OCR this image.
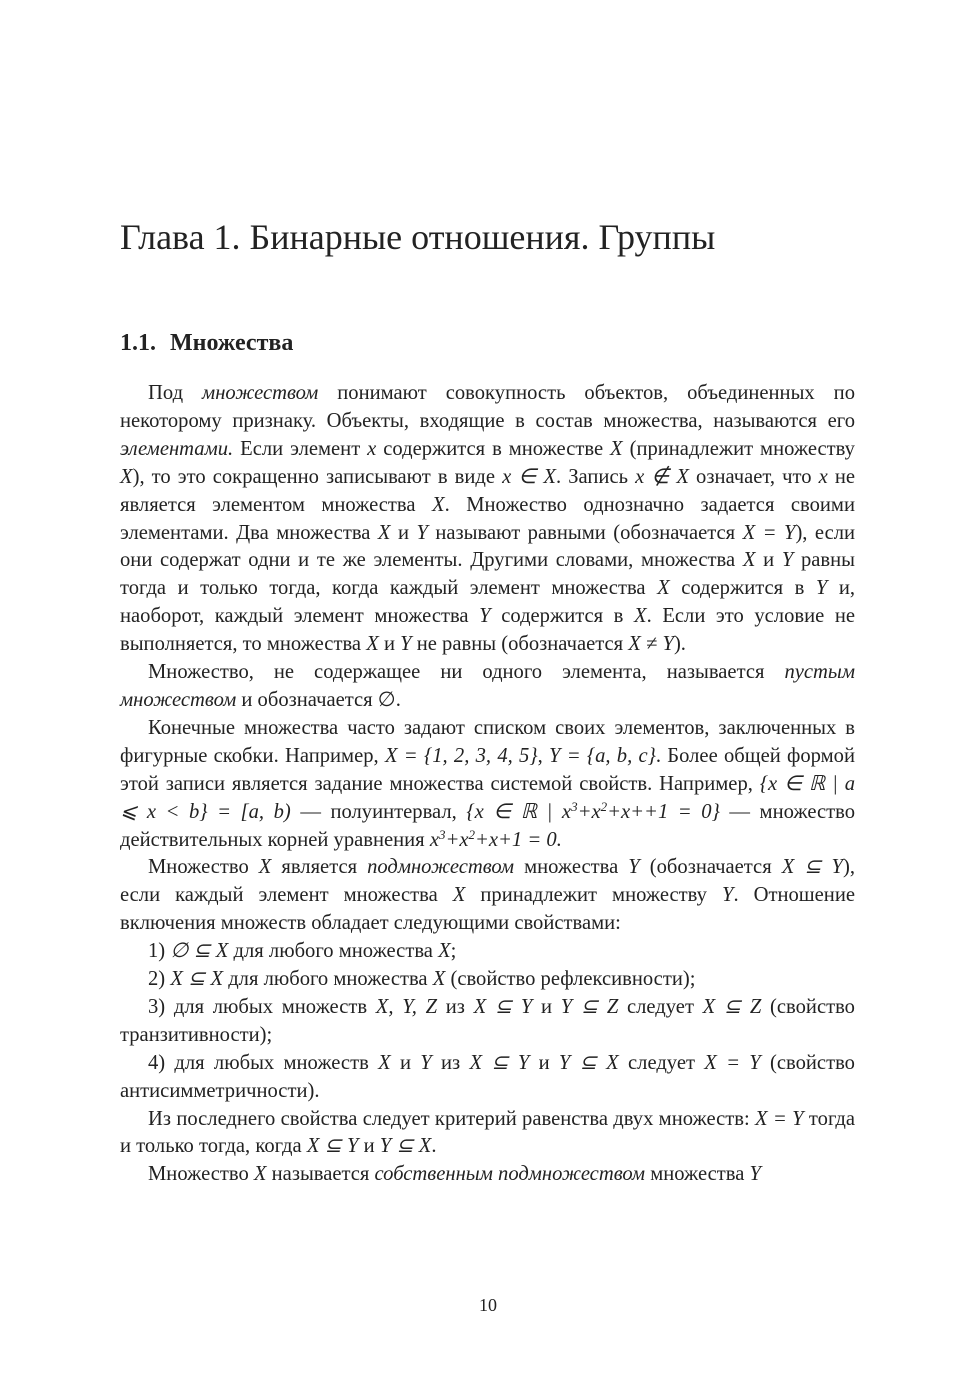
Глава 1. Бинарные отношения. Группы
1.1. Множества

Под множеством понимают совокупность объектов, объединенных по некоторому признаку. Объекты, входящие в состав множества, называются его элементами. Если элемент x содержится в множестве X (принадлежит множеству X), то это сокращенно записывают в виде x ∈ X. Запись x ∉ X означает, что x не является элементом множества X. Множество однозначно задается своими элементами. Два множества X и Y называют равными (обозначается X = Y), если они содержат одни и те же элементы. Другими словами, множества X и Y равны тогда и только тогда, когда каждый элемент множества X содержится в Y и, наоборот, каждый элемент множества Y содержится в X. Если это условие не выполняется, то множества X и Y не равны (обозначается X ≠ Y).

Множество, не содержащее ни одного элемента, называется пустым множеством и обозначается ∅.

Конечные множества часто задают списком своих элементов, заключенных в фигурные скобки. Например, X = {1, 2, 3, 4, 5}, Y = {a, b, c}. Более общей формой этой записи является задание множества системой свойств. Например, {x ∈ ℝ | a ⩽ x < b} = [a, b) — полуинтервал, {x ∈ ℝ | $x^3+x^2+x++1 = 0$} — множество действительных корней уравнения $x^3+x^2+x+1 = 0$.

Множество X является подмножеством множества Y (обозначается X ⊆ Y), если каждый элемент множества X принадлежит множеству Y. Отношение включения множеств обладает следующими свойствами:

1) ∅ ⊆ X для любого множества X;

2) X ⊆ X для любого множества X (свойство рефлексивности);

3) для любых множеств X, Y, Z из X ⊆ Y и Y ⊆ Z следует X ⊆ Z (свойство транзитивности);

4) для любых множеств X и Y из X ⊆ Y и Y ⊆ X следует X = Y (свойство антисимметричности).

Из последнего свойства следует критерий равенства двух множеств: X = Y тогда и только тогда, когда X ⊆ Y и Y ⊆ X.

Множество X называется собственным подмножеством множества Y

10
